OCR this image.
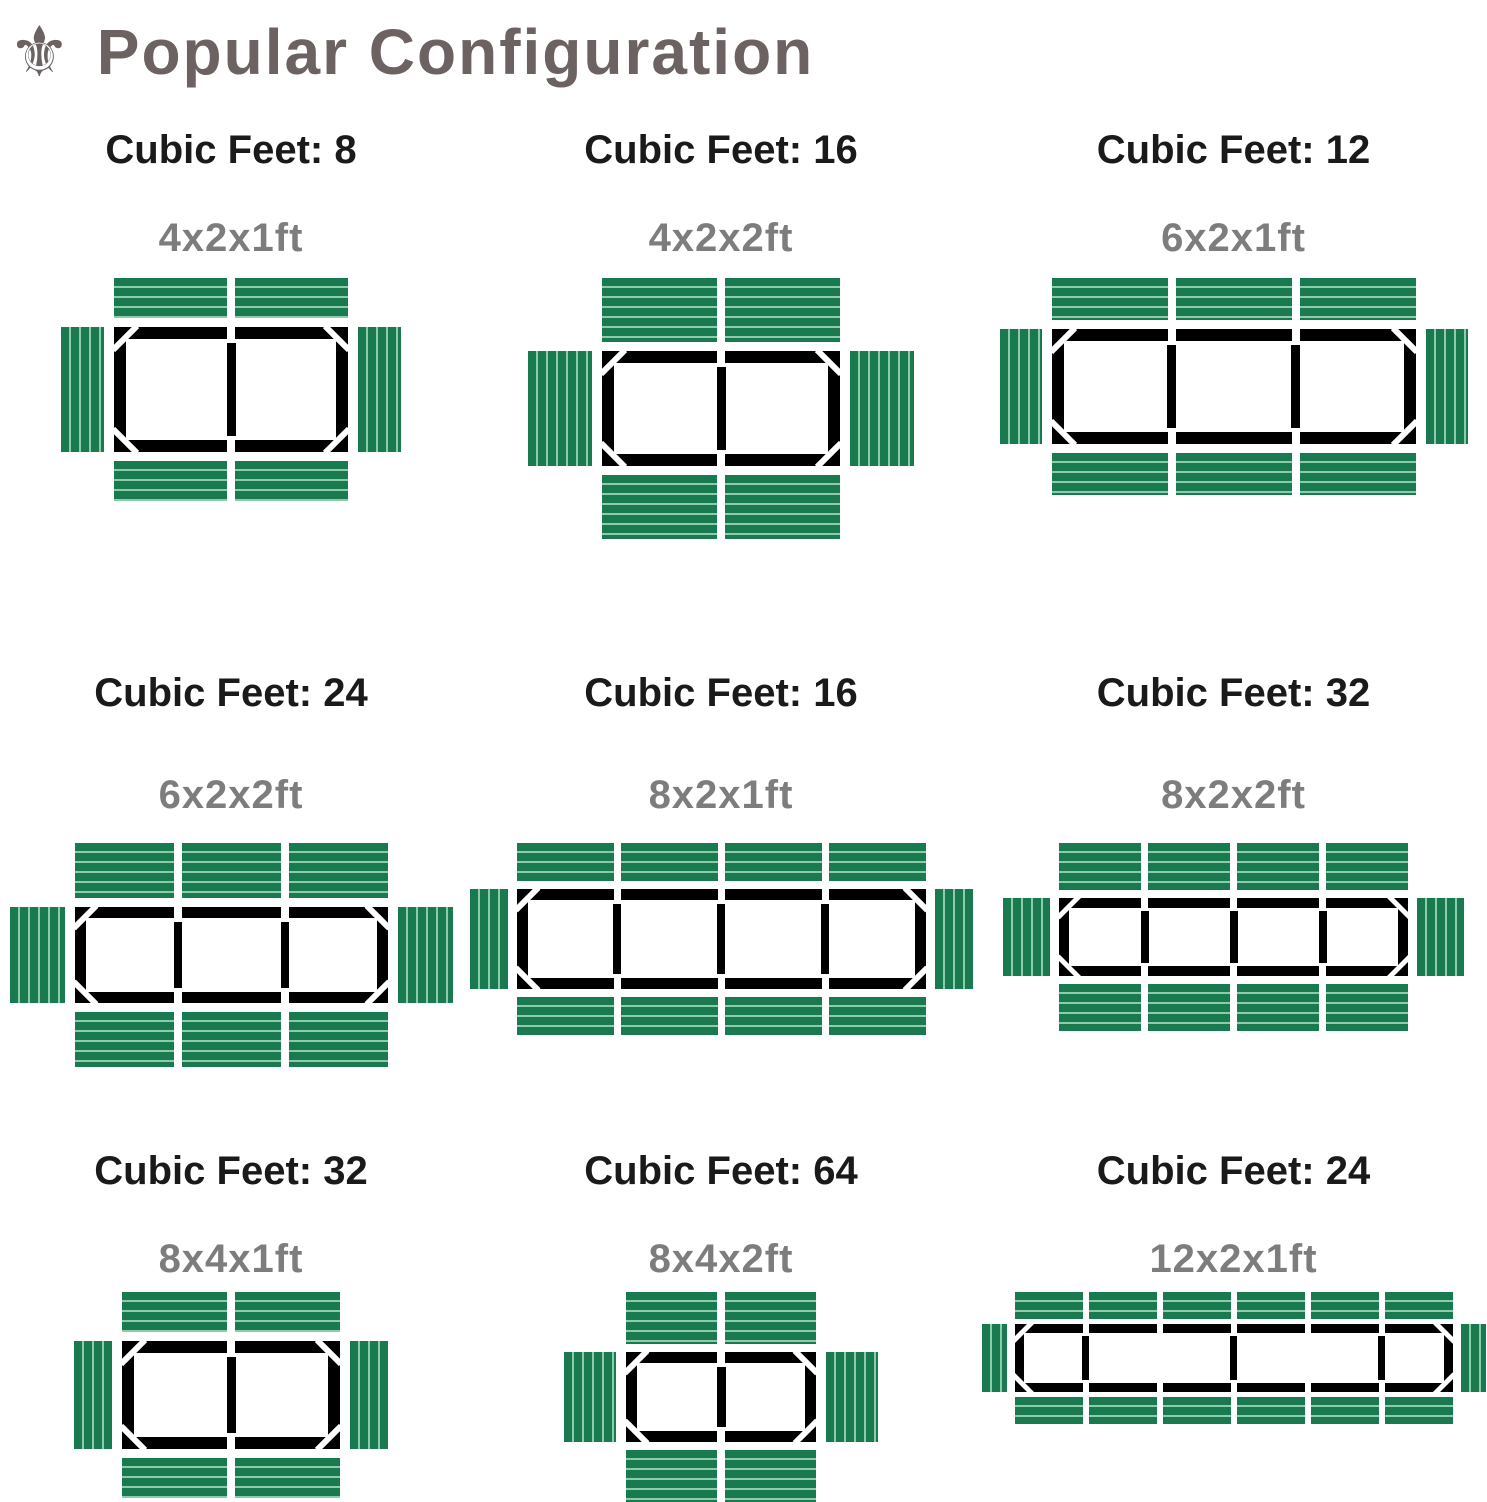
⚜ Popular Configuration
Cubic Feet: 8
4x2x1ft
Cubic Feet: 16
4x2x2ft
Cubic Feet: 12
6x2x1ft
Cubic Feet: 24
6x2x2ft
Cubic Feet: 16
8x2x1ft
Cubic Feet: 32
8x2x2ft
Cubic Feet: 32
8x4x1ft
Cubic Feet: 64
8x4x2ft
Cubic Feet: 24
12x2x1ft
